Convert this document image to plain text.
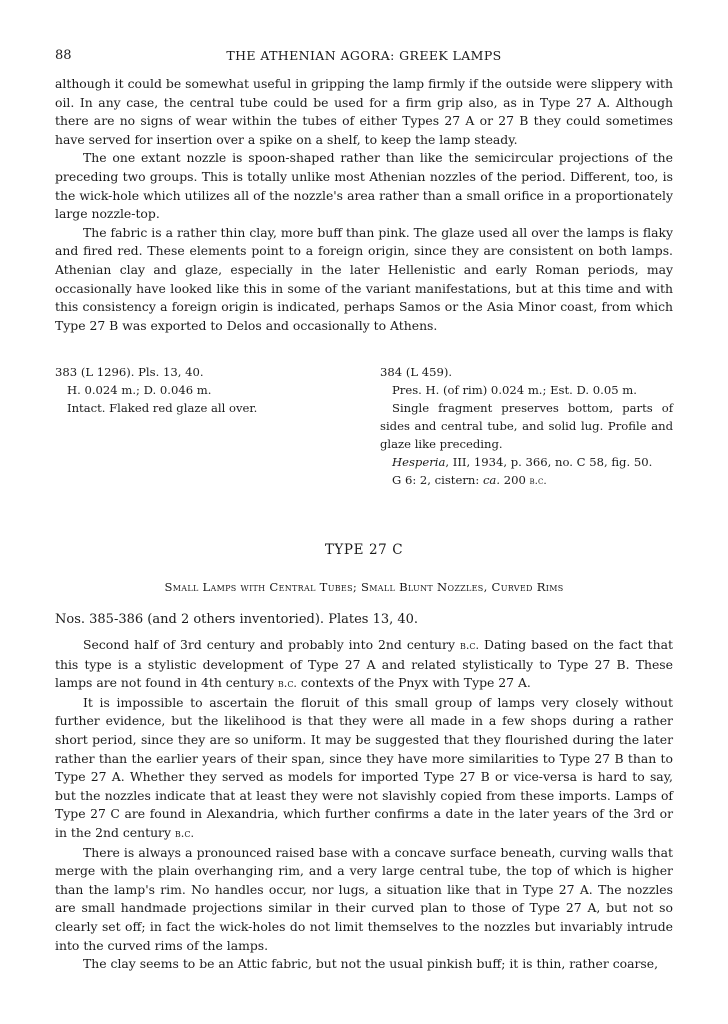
88	THE ATHENIAN AGORA: GREEK LAMPS

although it could be somewhat useful in gripping the lamp firmly if the outside were slippery with oil. In any case, the central tube could be used for a firm grip also, as in Type 27 A. Although there are no signs of wear within the tubes of either Types 27 A or 27 B they could sometimes have served for insertion over a spike on a shelf, to keep the lamp steady.

The one extant nozzle is spoon-shaped rather than like the semicircular projections of the preceding two groups. This is totally unlike most Athenian nozzles of the period. Different, too, is the wick-hole which utilizes all of the nozzle's area rather than a small orifice in a proportionately large nozzle-top.

The fabric is a rather thin clay, more buff than pink. The glaze used all over the lamps is flaky and fired red. These elements point to a foreign origin, since they are consistent on both lamps. Athenian clay and glaze, especially in the later Hellenistic and early Roman periods, may occasionally have looked like this in some of the variant manifestations, but at this time and with this consistency a foreign origin is indicated, perhaps Samos or the Asia Minor coast, from which Type 27 B was exported to Delos and occasionally to Athens.

383 (L 1296). Pls. 13, 40.

H. 0.024 m.; D. 0.046 m.

Intact. Flaked red glaze all over.

384 (L 459).

Pres. H. (of rim) 0.024 m.; Est. D. 0.05 m.

Single fragment preserves bottom, parts of sides and central tube, and solid lug. Profile and glaze like preceding.

Hesperia, III, 1934, p. 366, no. C 58, fig. 50.

G 6: 2, cistern: ca. 200 b.c.

TYPE 27 C
Small Lamps with Central Tubes; Small Blunt Nozzles, Curved Rims
Nos. 385-386 (and 2 others inventoried). Plates 13, 40.

Second half of 3rd century and probably into 2nd century b.c. Dating based on the fact that this type is a stylistic development of Type 27 A and related stylistically to Type 27 B. These lamps are not found in 4th century b.c. contexts of the Pnyx with Type 27 A.

It is impossible to ascertain the floruit of this small group of lamps very closely without further evidence, but the likelihood is that they were all made in a few shops during a rather short period, since they are so uniform. It may be suggested that they flourished during the later rather than the earlier years of their span, since they have more similarities to Type 27 B than to Type 27 A. Whether they served as models for imported Type 27 B or vice-versa is hard to say, but the nozzles indicate that at least they were not slavishly copied from these imports. Lamps of Type 27 C are found in Alexandria, which further confirms a date in the later years of the 3rd or in the 2nd century b.c.

There is always a pronounced raised base with a concave surface beneath, curving walls that merge with the plain overhanging rim, and a very large central tube, the top of which is higher than the lamp's rim. No handles occur, nor lugs, a situation like that in Type 27 A. The nozzles are small handmade projections similar in their curved plan to those of Type 27 A, but not so clearly set off; in fact the wick-holes do not limit themselves to the nozzles but invariably intrude into the curved rims of the lamps.

The clay seems to be an Attic fabric, but not the usual pinkish buff; it is thin, rather coarse,
